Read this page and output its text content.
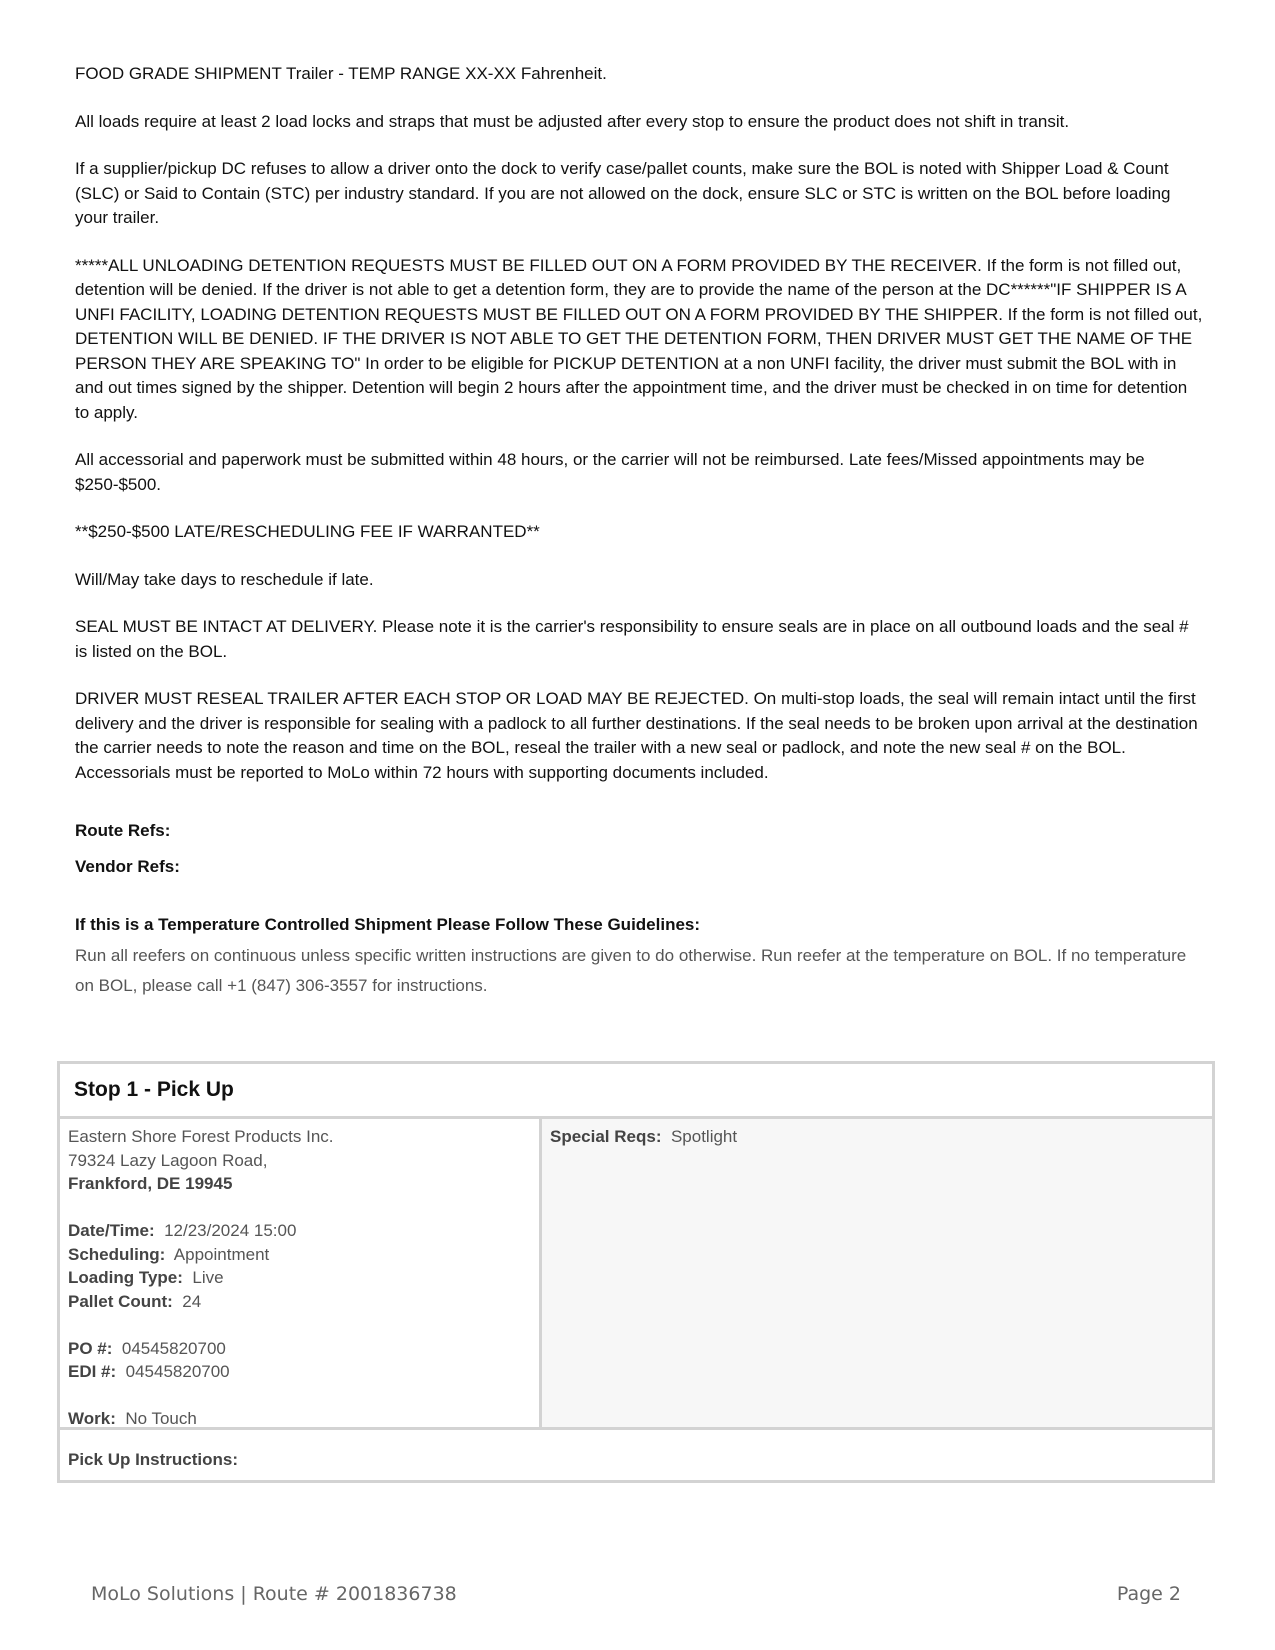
FOOD GRADE SHIPMENT Trailer - TEMP RANGE XX-XX Fahrenheit.

All loads require at least 2 load locks and straps that must be adjusted after every stop to ensure the product does not shift in transit.

If a supplier/pickup DC refuses to allow a driver onto the dock to verify case/pallet counts, make sure the BOL is noted with Shipper Load & Count (SLC) or Said to Contain (STC) per industry standard. If you are not allowed on the dock, ensure SLC or STC is written on the BOL before loading your trailer.

*****ALL UNLOADING DETENTION REQUESTS MUST BE FILLED OUT ON A FORM PROVIDED BY THE RECEIVER. If the form is not filled out, detention will be denied. If the driver is not able to get a detention form, they are to provide the name of the person at the DC******"IF SHIPPER IS A UNFI FACILITY, LOADING DETENTION REQUESTS MUST BE FILLED OUT ON A FORM PROVIDED BY THE SHIPPER. If the form is not filled out, DETENTION WILL BE DENIED. IF THE DRIVER IS NOT ABLE TO GET THE DETENTION FORM, THEN DRIVER MUST GET THE NAME OF THE PERSON THEY ARE SPEAKING TO" In order to be eligible for PICKUP DETENTION at a non UNFI facility, the driver must submit the BOL with in and out times signed by the shipper. Detention will begin 2 hours after the appointment time, and the driver must be checked in on time for detention to apply.

All accessorial and paperwork must be submitted within 48 hours, or the carrier will not be reimbursed. Late fees/Missed appointments may be $250-$500.

**$250-$500 LATE/RESCHEDULING FEE IF WARRANTED**

Will/May take days to reschedule if late.

SEAL MUST BE INTACT AT DELIVERY. Please note it is the carrier's responsibility to ensure seals are in place on all outbound loads and the seal # is listed on the BOL.

DRIVER MUST RESEAL TRAILER AFTER EACH STOP OR LOAD MAY BE REJECTED. On multi-stop loads, the seal will remain intact until the first delivery and the driver is responsible for sealing with a padlock to all further destinations. If the seal needs to be broken upon arrival at the destination the carrier needs to note the reason and time on the BOL, reseal the trailer with a new seal or padlock, and note the new seal # on the BOL.

Accessorials must be reported to MoLo within 72 hours with supporting documents included.

Route Refs:

Vendor Refs:

If this is a Temperature Controlled Shipment Please Follow These Guidelines:

Run all reefers on continuous unless specific written instructions are given to do otherwise. Run reefer at the temperature on BOL. If no temperature on BOL, please call +1 (847) 306-3557 for instructions.

Stop 1 - Pick Up
Eastern Shore Forest Products Inc.
79324 Lazy Lagoon Road,
Frankford, DE 19945
Date/Time: 12/23/2024 15:00
Scheduling: Appointment
Loading Type: Live
Pallet Count: 24
PO #: 04545820700
EDI #: 04545820700
Work: No Touch
Special Reqs: Spotlight
Pick Up Instructions:
MoLo Solutions | Route # 2001836738	Page 2
